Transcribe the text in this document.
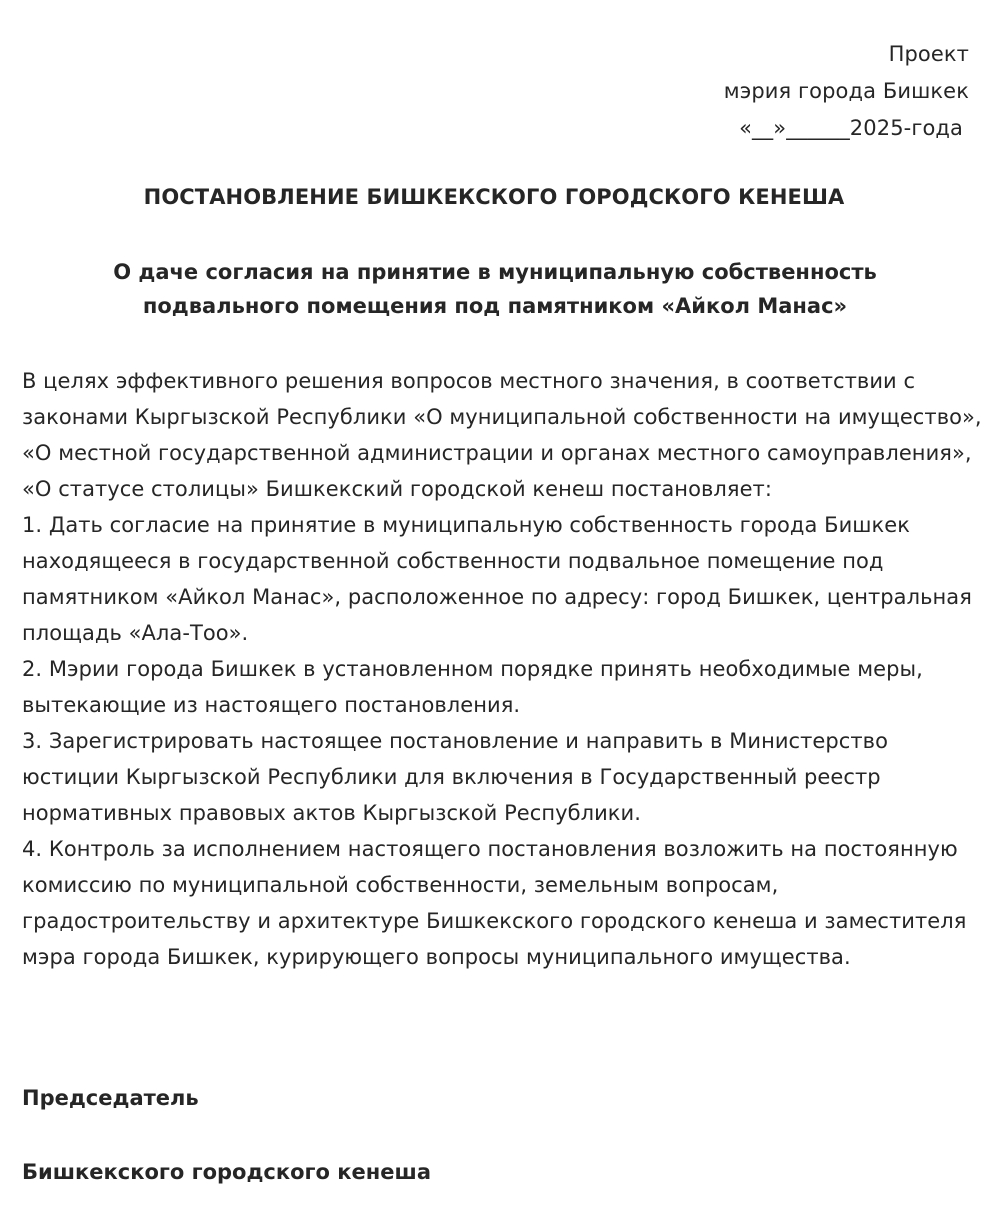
Проект
мэрия города Бишкек
«__»______2025-года
ПОСТАНОВЛЕНИЕ БИШКЕКСКОГО ГОРОДСКОГО КЕНЕША
О даче согласия на принятие в муниципальную собственность
подвального помещения под памятником «Айкол Манас»

В целях эффективного решения вопросов местного значения, в соответствии с законами Кыргызской Республики «О муниципальной собственности на имущество», «О местной государственной администрации и органах местного самоуправления», «О статусе столицы» Бишкекский городской кенеш постановляет:

1. Дать согласие на принятие в муниципальную собственность города Бишкек находящееся в государственной собственности подвальное помещение под памятником «Айкол Манас», расположенное по адресу: город Бишкек, центральная площадь «Ала-Тоо».

2. Мэрии города Бишкек в установленном порядке принять необходимые меры, вытекающие из настоящего постановления.

3. Зарегистрировать настоящее постановление и направить в Министерство юстиции Кыргызской Республики для включения в Государственный реестр нормативных правовых актов Кыргызской Республики.

4. Контроль за исполнением настоящего постановления возложить на постоянную комиссию по муниципальной собственности, земельным вопросам, градостроительству и архитектуре Бишкекского городского кенеша и заместителя мэра города Бишкек, курирующего вопросы муниципального имущества.

Председатель
Бишкекского городского кенеша
